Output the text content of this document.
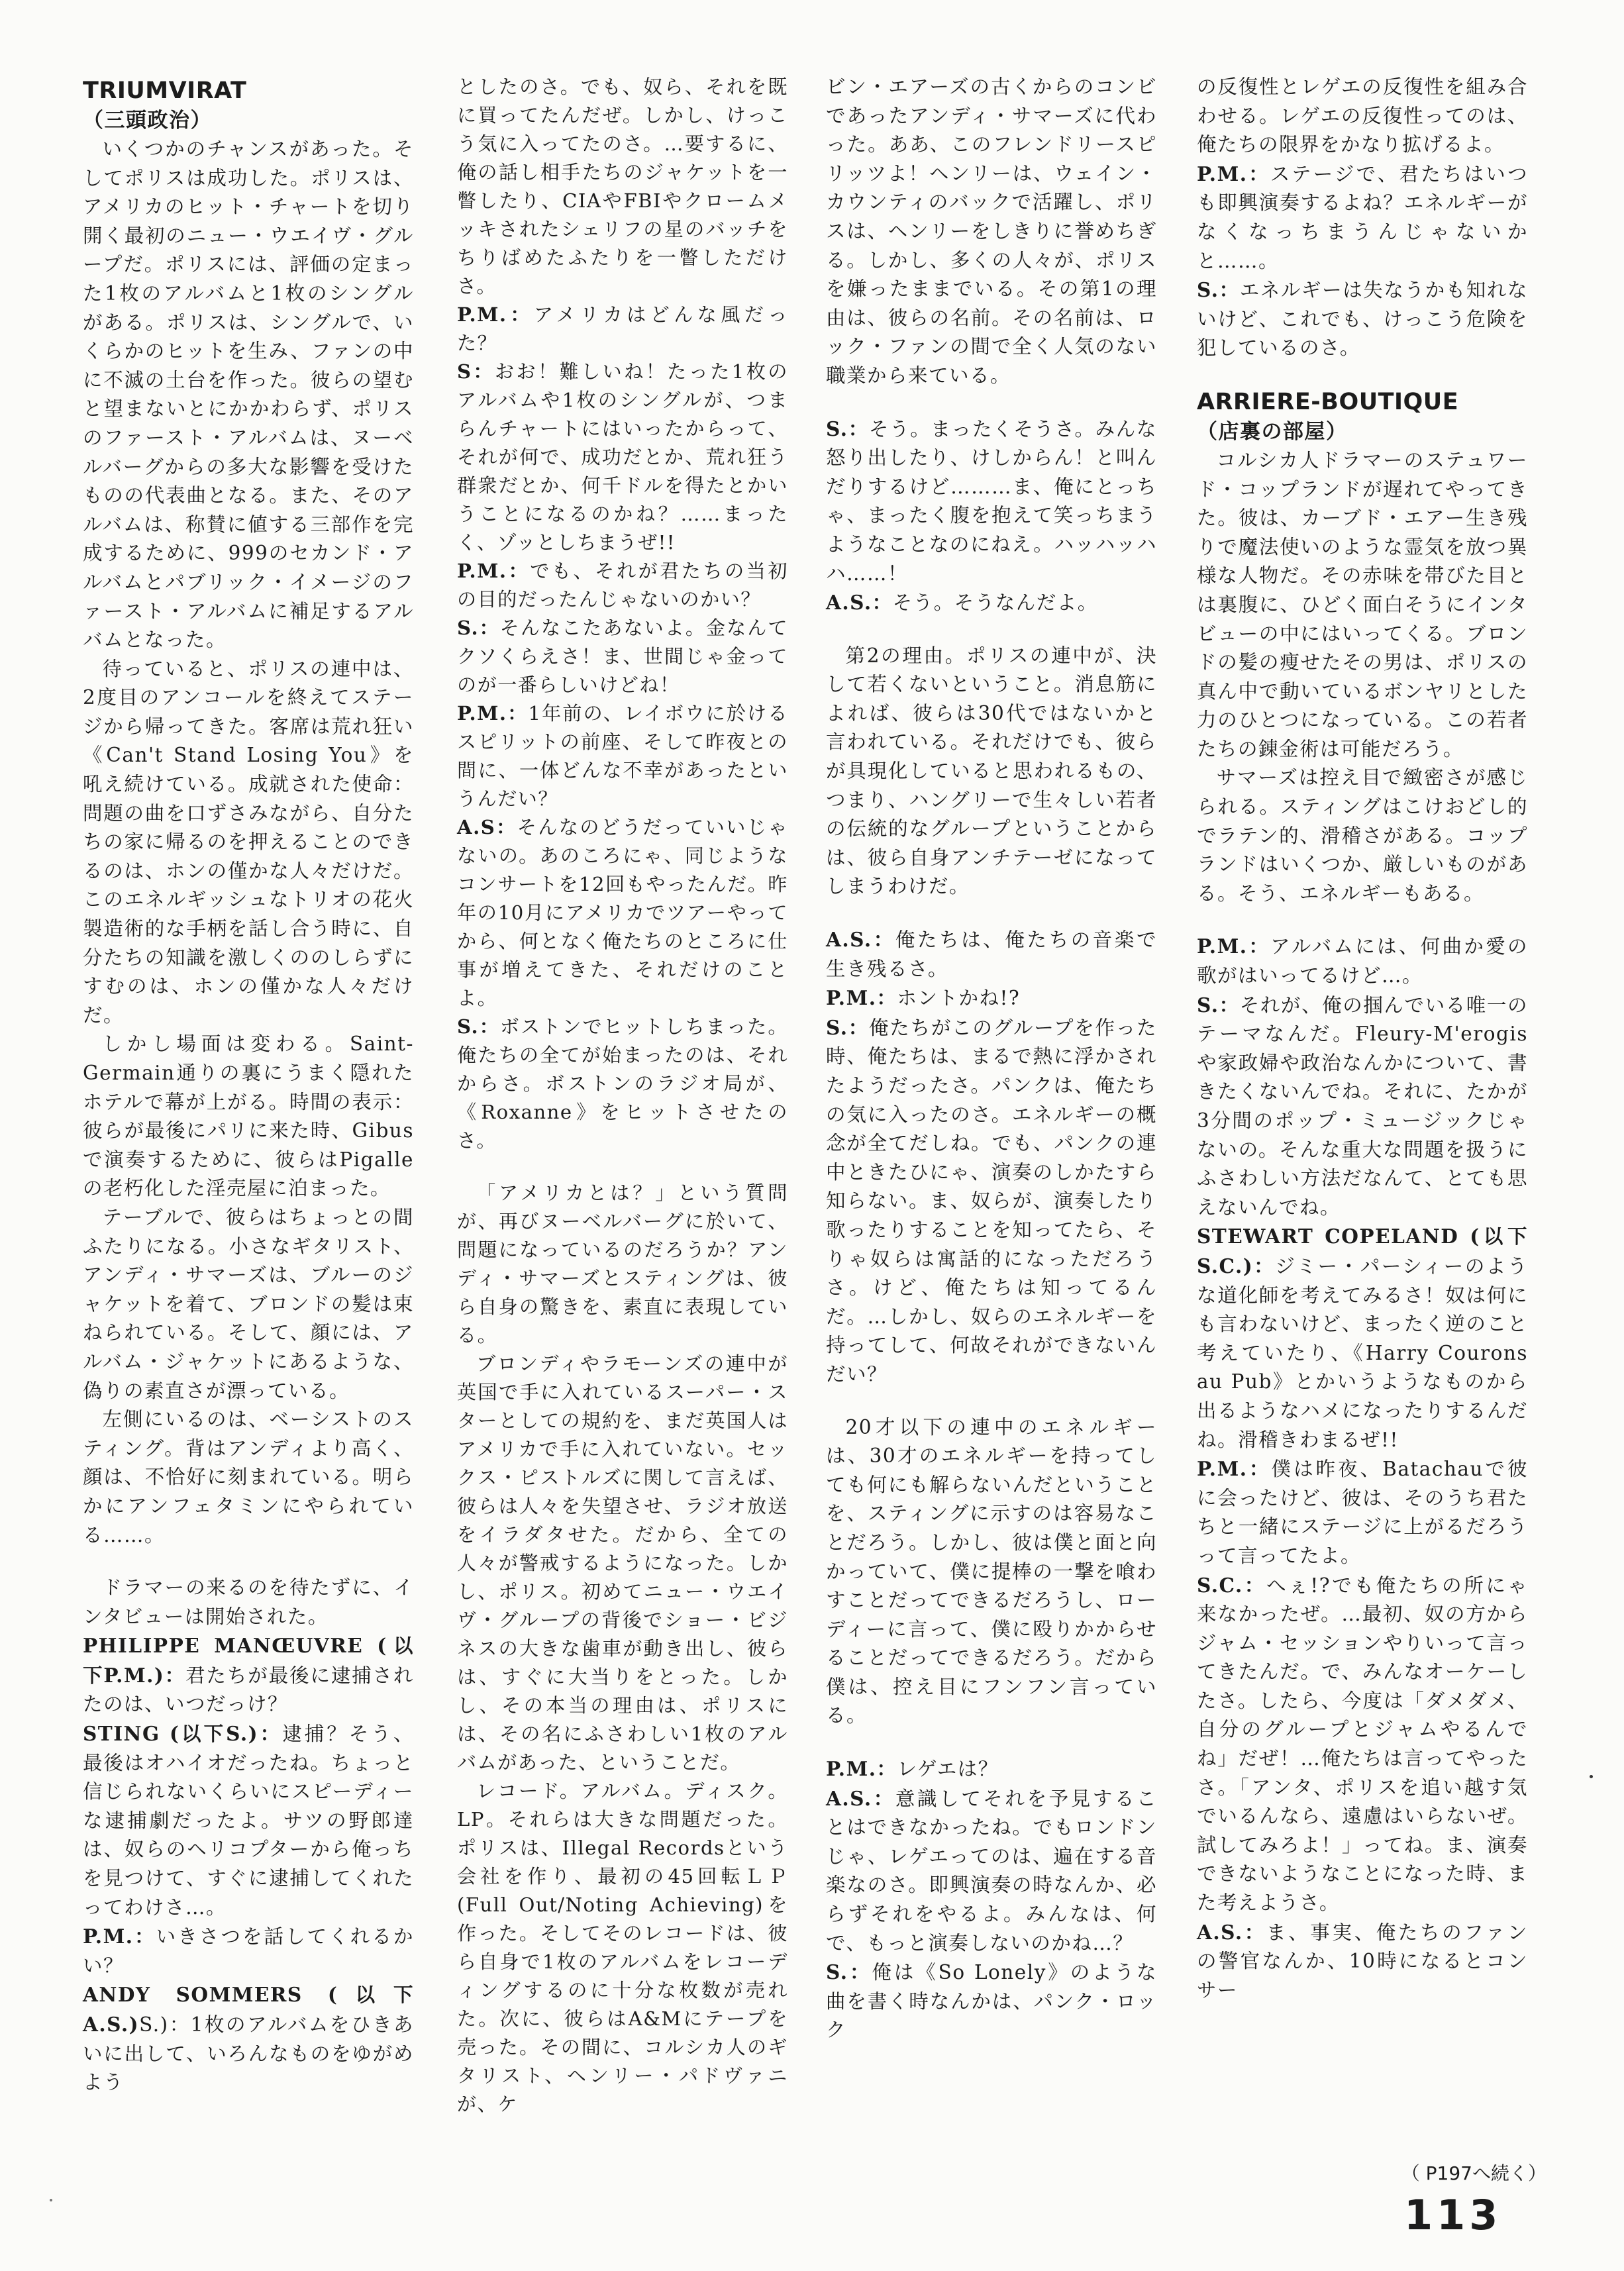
TRIUMVIRAT
（三頭政治）

いくつかのチャンスがあった。そしてポリスは成功した。ポリスは、アメリカのヒット・チャートを切り開く最初のニュー・ウエイヴ・グループだ。ポリスには、評価の定まった1枚のアルバムと1枚のシングルがある。ポリスは、シングルで、いくらかのヒットを生み、ファンの中に不滅の土台を作った。彼らの望むと望まないとにかかわらず、ポリスのファースト・アルバムは、ヌーベルバーグからの多大な影響を受けたものの代表曲となる。また、そのアルバムは、称賛に値する三部作を完成するために、999のセカンド・アルバムとパブリック・イメージのファースト・アルバムに補足するアルバムとなった。

待っていると、ポリスの連中は、2度目のアンコールを終えてステージから帰ってきた。客席は荒れ狂い《Can't Stand Losing You》を吼え続けている。成就された使命：問題の曲を口ずさみながら、自分たちの家に帰るのを押えることのできるのは、ホンの僅かな人々だけだ。このエネルギッシュなトリオの花火製造術的な手柄を話し合う時に、自分たちの知識を激しくののしらずにすむのは、ホンの僅かな人々だけだ。

しかし場面は変わる。Saint-Germain通りの裏にうまく隠れたホテルで幕が上がる。時間の表示：彼らが最後にパリに来た時、Gibus で演奏するために、彼らはPigalleの老朽化した淫売屋に泊まった。

テーブルで、彼らはちょっとの間ふたりになる。小さなギタリスト、アンディ・サマーズは、ブルーのジャケットを着て、ブロンドの髪は束ねられている。そして、顔には、アルバム・ジャケットにあるような、偽りの素直さが漂っている。

左側にいるのは、ベーシストのスティング。背はアンディより高く、顔は、不恰好に刻まれている。明らかにアンフェタミンにやられている……。

ドラマーの来るのを待たずに、インタビューは開始された。

PHILIPPE MANŒUVRE (以下P.M.)：君たちが最後に逮捕されたのは、いつだっけ？

STING (以下S.)：逮捕？そう、最後はオハイオだったね。ちょっと信じられないくらいにスピーディーな逮捕劇だったよ。サツの野郎達は、奴らのヘリコプターから俺っちを見つけて、すぐに逮捕してくれたってわけさ…。

P.M.：いきさつを話してくれるかい？

ANDY SOMMERS (以下A.S.)S.)：1枚のアルバムをひきあいに出して、いろんなものをゆがめよう

としたのさ。でも、奴ら、それを既に買ってたんだぜ。しかし、けっこう気に入ってたのさ。…要するに、俺の話し相手たちのジャケットを一瞥したり、CIAやFBIやクロームメッキされたシェリフの星のバッチをちりばめたふたりを一瞥しただけさ。

P.M.：アメリカはどんな風だった？

S：おお！難しいね！たった1枚のアルバムや1枚のシングルが、つまらんチャートにはいったからって、それが何で、成功だとか、荒れ狂う群衆だとか、何千ドルを得たとかいうことになるのかね？……まったく、ゾッとしちまうぜ!!

P.M.：でも、それが君たちの当初の目的だったんじゃないのかい？

S.：そんなこたあないよ。金なんてクソくらえさ！ま、世間じゃ金ってのが一番らしいけどね！

P.M.：1年前の、レイボウに於けるスピリットの前座、そして昨夜との間に、一体どんな不幸があったというんだい？

A.S：そんなのどうだっていいじゃないの。あのころにゃ、同じようなコンサートを12回もやったんだ。昨年の10月にアメリカでツアーやってから、何となく俺たちのところに仕事が増えてきた、それだけのことよ。

S.：ボストンでヒットしちまった。俺たちの全てが始まったのは、それからさ。ボストンのラジオ局が、《Roxanne》をヒットさせたのさ。

「アメリカとは？」という質問が、再びヌーベルバーグに於いて、問題になっているのだろうか？アンディ・サマーズとスティングは、彼ら自身の驚きを、素直に表現している。

ブロンディやラモーンズの連中が英国で手に入れているスーパー・スターとしての規約を、まだ英国人はアメリカで手に入れていない。セックス・ピストルズに関して言えば、彼らは人々を失望させ、ラジオ放送をイラダタせた。だから、全ての人々が警戒するようになった。しかし、ポリス。初めてニュー・ウエイヴ・グループの背後でショー・ビジネスの大きな歯車が動き出し、彼らは、すぐに大当りをとった。しかし、その本当の理由は、ポリスには、その名にふさわしい1枚のアルバムがあった、ということだ。

レコード。アルバム。ディスク。LP。それらは大きな問題だった。ポリスは、Illegal Recordsという会社を作り、最初の45回転ＬＰ(Full Out/Noting Achieving)を作った。そしてそのレコードは、彼ら自身で1枚のアルバムをレコーディングするのに十分な枚数が売れた。次に、彼らはA&Mにテープを売った。その間に、コルシカ人のギタリスト、ヘンリー・パドヴァニが、ケ

ビン・エアーズの古くからのコンビであったアンディ・サマーズに代わった。ああ、このフレンドリースピリッツよ！ヘンリーは、ウェイン・カウンティのバックで活躍し、ポリスは、ヘンリーをしきりに誉めちぎる。しかし、多くの人々が、ポリスを嫌ったままでいる。その第1の理由は、彼らの名前。その名前は、ロック・ファンの間で全く人気のない職業から来ている。

S.：そう。まったくそうさ。みんな怒り出したり、けしからん！と叫んだりするけど………ま、俺にとっちゃ、まったく腹を抱えて笑っちまうようなことなのにねえ。ハッハッハハ……！

A.S.：そう。そうなんだよ。

第2の理由。ポリスの連中が、決して若くないということ。消息筋によれば、彼らは30代ではないかと言われている。それだけでも、彼らが具現化していると思われるもの、つまり、ハングリーで生々しい若者の伝統的なグループということからは、彼ら自身アンチテーゼになってしまうわけだ。

A.S.：俺たちは、俺たちの音楽で生き残るさ。

P.M.：ホントかね!?

S.：俺たちがこのグループを作った時、俺たちは、まるで熱に浮かされたようだったさ。パンクは、俺たちの気に入ったのさ。エネルギーの概念が全てだしね。でも、パンクの連中ときたひにゃ、演奏のしかたすら知らない。ま、奴らが、演奏したり歌ったりすることを知ってたら、そりゃ奴らは寓話的になっただろうさ。けど、俺たちは知ってるんだ。…しかし、奴らのエネルギーを持ってして、何故それができないんだい？

20才以下の連中のエネルギーは、30才のエネルギーを持ってしても何にも解らないんだということを、スティングに示すのは容易なことだろう。しかし、彼は僕と面と向かっていて、僕に提棒の一撃を喰わすことだってできるだろうし、ローディーに言って、僕に殴りかからせることだってできるだろう。だから僕は、控え目にフンフン言っている。

P.M.：レゲエは？

A.S.：意識してそれを予見することはできなかったね。でもロンドンじゃ、レゲエってのは、遍在する音楽なのさ。即興演奏の時なんか、必らずそれをやるよ。みんなは、何で、もっと演奏しないのかね…？

S.：俺は《So Lonely》のような曲を書く時なんかは、パンク・ロック

の反復性とレゲエの反復性を組み合わせる。レゲエの反復性ってのは、俺たちの限界をかなり拡げるよ。

P.M.：ステージで、君たちはいつも即興演奏するよね？エネルギーがなくなっちまうんじゃないかと……。

S.：エネルギーは失なうかも知れないけど、これでも、けっこう危険を犯しているのさ。

ARRIERE-BOUTIQUE
（店裏の部屋）

コルシカ人ドラマーのステュワード・コップランドが遅れてやってきた。彼は、カーブド・エアー生き残りで魔法使いのような霊気を放つ異様な人物だ。その赤味を帯びた目とは裏腹に、ひどく面白そうにインタビューの中にはいってくる。ブロンドの髪の痩せたその男は、ポリスの真ん中で動いているボンヤリとした力のひとつになっている。この若者たちの錬金術は可能だろう。

サマーズは控え目で緻密さが感じられる。スティングはこけおどし的でラテン的、滑稽さがある。コップランドはいくつか、厳しいものがある。そう、エネルギーもある。

P.M.：アルバムには、何曲か愛の歌がはいってるけど…。

S.：それが、俺の掴んでいる唯一のテーマなんだ。Fleury-M'erogisや家政婦や政治なんかについて、書きたくないんでね。それに、たかが3分間のポップ・ミュージックじゃないの。そんな重大な問題を扱うにふさわしい方法だなんて、とても思えないんでね。

STEWART COPELAND (以下S.C.)：ジミー・パーシィーのような道化師を考えてみるさ！奴は何にも言わないけど、まったく逆のこと考えていたり、《Harry Courons au Pub》とかいうようなものから出るようなハメになったりするんだね。滑稽きわまるぜ!!

P.M.：僕は昨夜、Batachauで彼に会ったけど、彼は、そのうち君たちと一緒にステージに上がるだろうって言ってたよ。

S.C.：へぇ!?でも俺たちの所にゃ来なかったぜ。…最初、奴の方からジャム・セッションやりいって言ってきたんだ。で、みんなオーケーしたさ。したら、今度は「ダメダメ、自分のグループとジャムやるんでね」だぜ！…俺たちは言ってやったさ。「アンタ、ポリスを追い越す気でいるんなら、遠慮はいらないぜ。試してみろよ！」ってね。ま、演奏できないようなことになった時、また考えようさ。

A.S.：ま、事実、俺たちのファンの警官なんか、10時になるとコンサー

（ P197へ続く）
113
